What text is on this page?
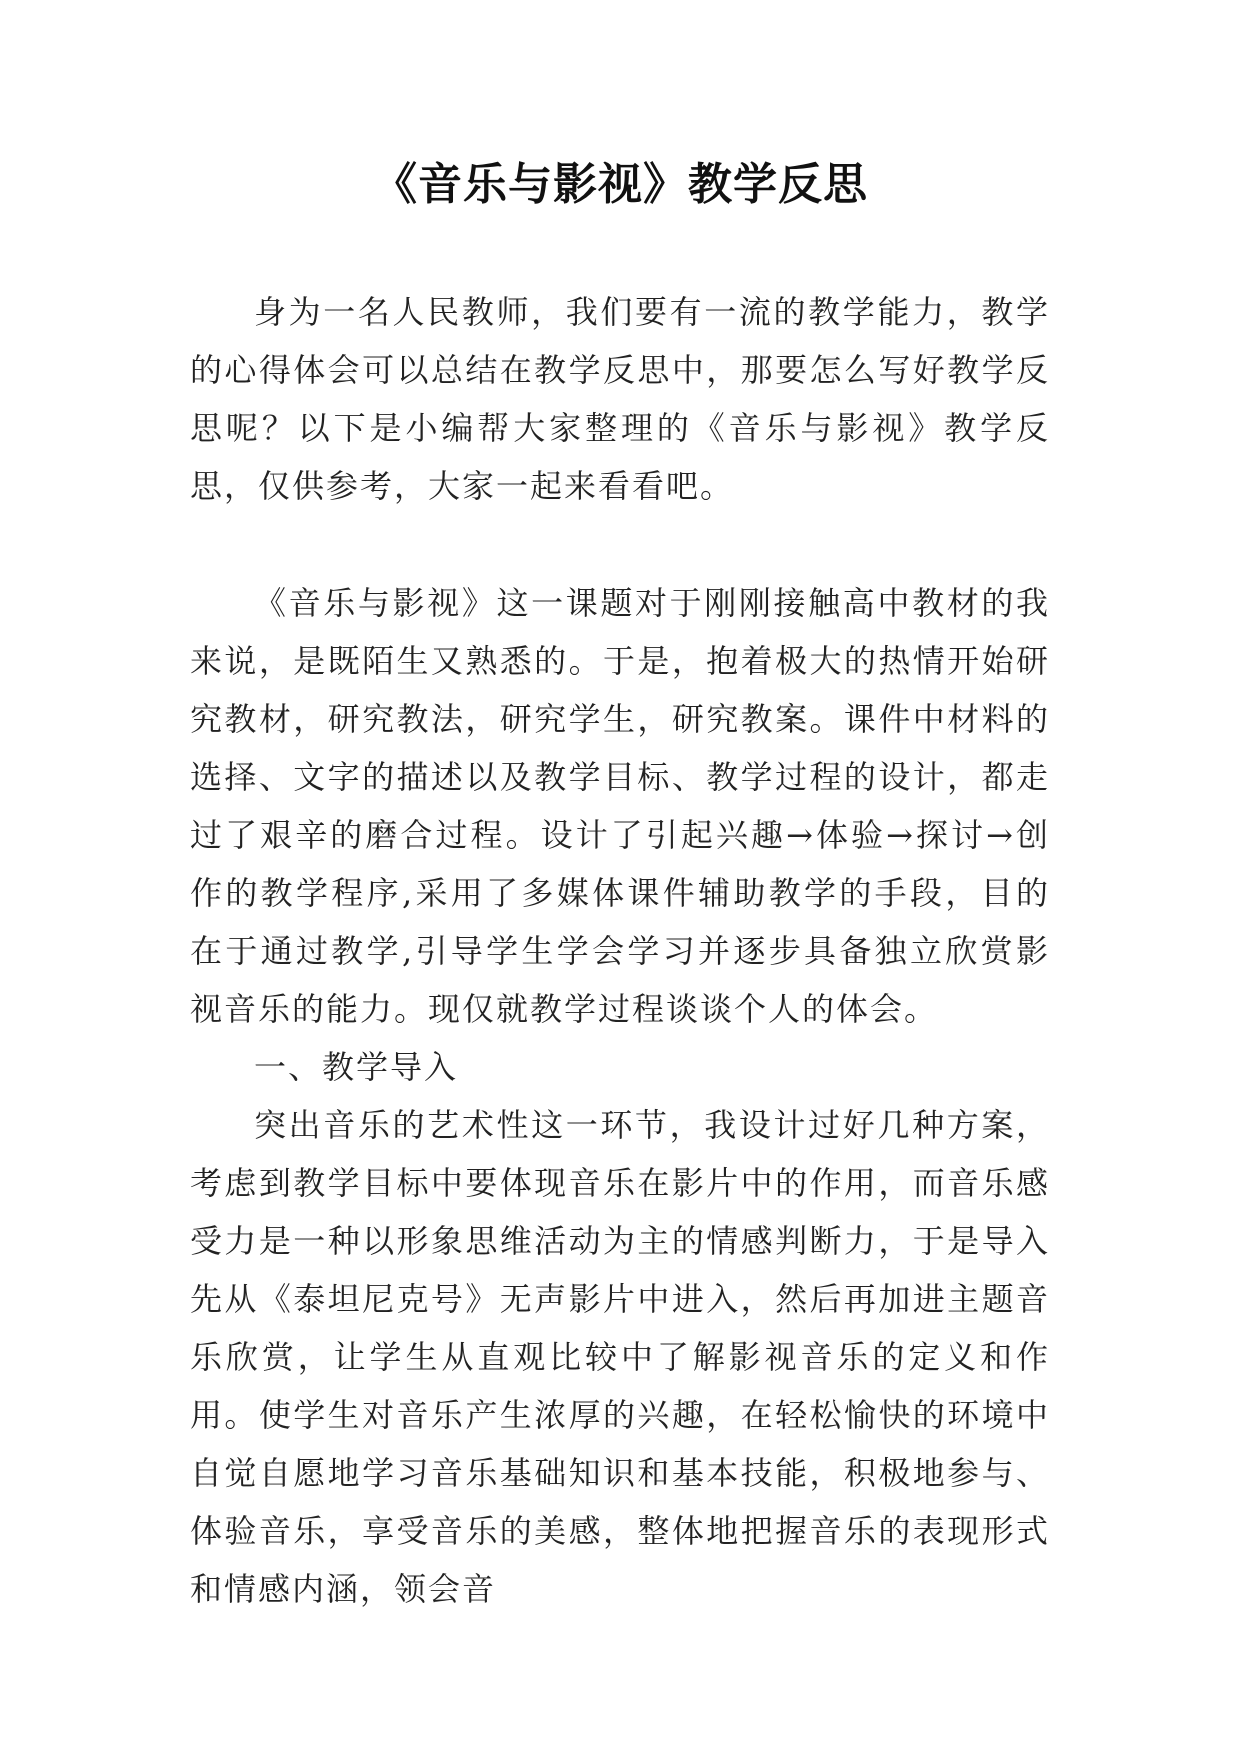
《音乐与影视》教学反思

身为一名人民教师，我们要有一流的教学能力，教学的心得体会可以总结在教学反思中，那要怎么写好教学反思呢？以下是小编帮大家整理的《音乐与影视》教学反思，仅供参考，大家一起来看看吧。

《音乐与影视》这一课题对于刚刚接触高中教材的我来说，是既陌生又熟悉的。于是，抱着极大的热情开始研究教材，研究教法，研究学生，研究教案。课件中材料的选择、文字的描述以及教学目标、教学过程的设计，都走过了艰辛的磨合过程。设计了引起兴趣→体验→探讨→创作的教学程序,采用了多媒体课件辅助教学的手段，目的在于通过教学,引导学生学会学习并逐步具备独立欣赏影视音乐的能力。现仅就教学过程谈谈个人的体会。

一、教学导入

突出音乐的艺术性这一环节，我设计过好几种方案，考虑到教学目标中要体现音乐在影片中的作用，而音乐感受力是一种以形象思维活动为主的情感判断力，于是导入先从《泰坦尼克号》无声影片中进入，然后再加进主题音乐欣赏，让学生从直观比较中了解影视音乐的定义和作用。使学生对音乐产生浓厚的兴趣，在轻松愉快的环境中自觉自愿地学习音乐基础知识和基本技能，积极地参与、体验音乐，享受音乐的美感，整体地把握音乐的表现形式和情感内涵，领会音
